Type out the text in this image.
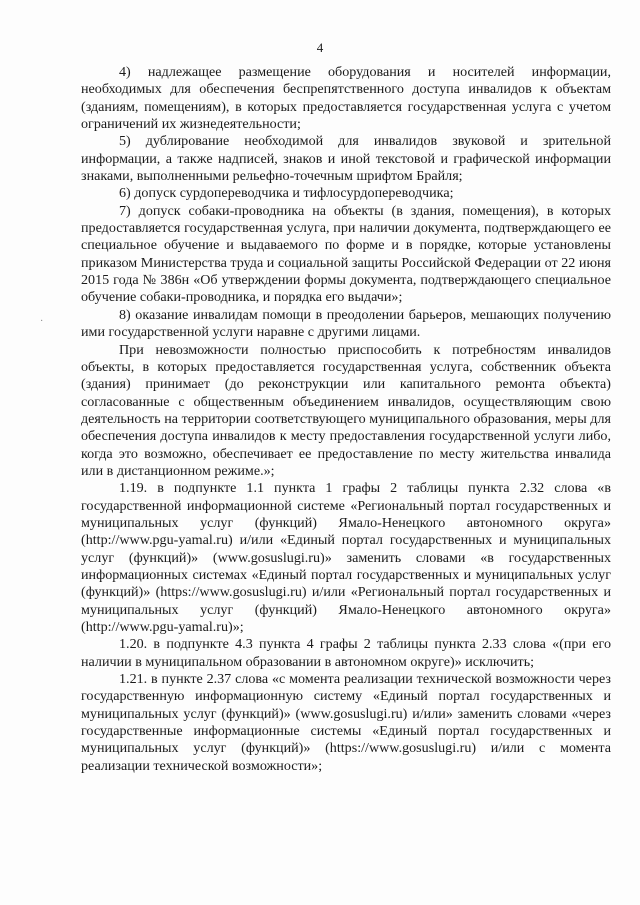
4
·

4) надлежащее размещение оборудования и носителей информации, необходимых для обеспечения беспрепятственного доступа инвалидов к объектам (зданиям, помещениям), в которых предоставляется государственная услуга с учетом ограничений их жизнедеятельности;

5) дублирование необходимой для инвалидов звуковой и зрительной информации, а также надписей, знаков и иной текстовой и графической информации знаками, выполненными рельефно-точечным шрифтом Брайля;

6) допуск сурдопереводчика и тифлосурдопереводчика;

7) допуск собаки-проводника на объекты (в здания, помещения), в которых предоставляется государственная услуга, при наличии документа, подтверждающего ее специальное обучение и выдаваемого по форме и в порядке, которые установлены приказом Министерства труда и социальной защиты Российской Федерации от 22 июня 2015 года № 386н «Об утверждении формы документа, подтверждающего специальное обучение собаки-проводника, и порядка его выдачи»;

8) оказание инвалидам помощи в преодолении барьеров, мешающих получению ими государственной услуги наравне с другими лицами.

При невозможности полностью приспособить к потребностям инвалидов объекты, в которых предоставляется государственная услуга, собственник объекта (здания) принимает (до реконструкции или капитального ремонта объекта) согласованные с общественным объединением инвалидов, осуществляющим свою деятельность на территории соответствующего муниципального образования, меры для обеспечения доступа инвалидов к месту предоставления государственной услуги либо, когда это возможно, обеспечивает ее предоставление по месту жительства инвалида или в дистанционном режиме.»;

1.19. в подпункте 1.1 пункта 1 графы 2 таблицы пункта 2.32 слова «в государственной информационной системе «Региональный портал государственных и муниципальных услуг (функций) Ямало-Ненецкого автономного округа» (http://www.pgu-yamal.ru) и/или «Единый портал государственных и муниципальных услуг (функций)» (www.gosuslugi.ru)» заменить словами «в государственных информационных системах «Единый портал государственных и муниципальных услуг (функций)» (https://www.gosuslugi.ru) и/или «Региональный портал государственных и муниципальных услуг (функций) Ямало-Ненецкого автономного округа» (http://www.pgu-yamal.ru)»;

1.20. в подпункте 4.3 пункта 4 графы 2 таблицы пункта 2.33 слова «(при его наличии в муниципальном образовании в автономном округе)» исключить;

1.21. в пункте 2.37 слова «с момента реализации технической возможности через государственную информационную систему «Единый портал государственных и муниципальных услуг (функций)» (www.gosuslugi.ru) и/или» заменить словами «через государственные информационные системы «Единый портал государственных и муниципальных услуг (функций)» (https://www.gosuslugi.ru) и/или с момента реализации технической возможности»;
